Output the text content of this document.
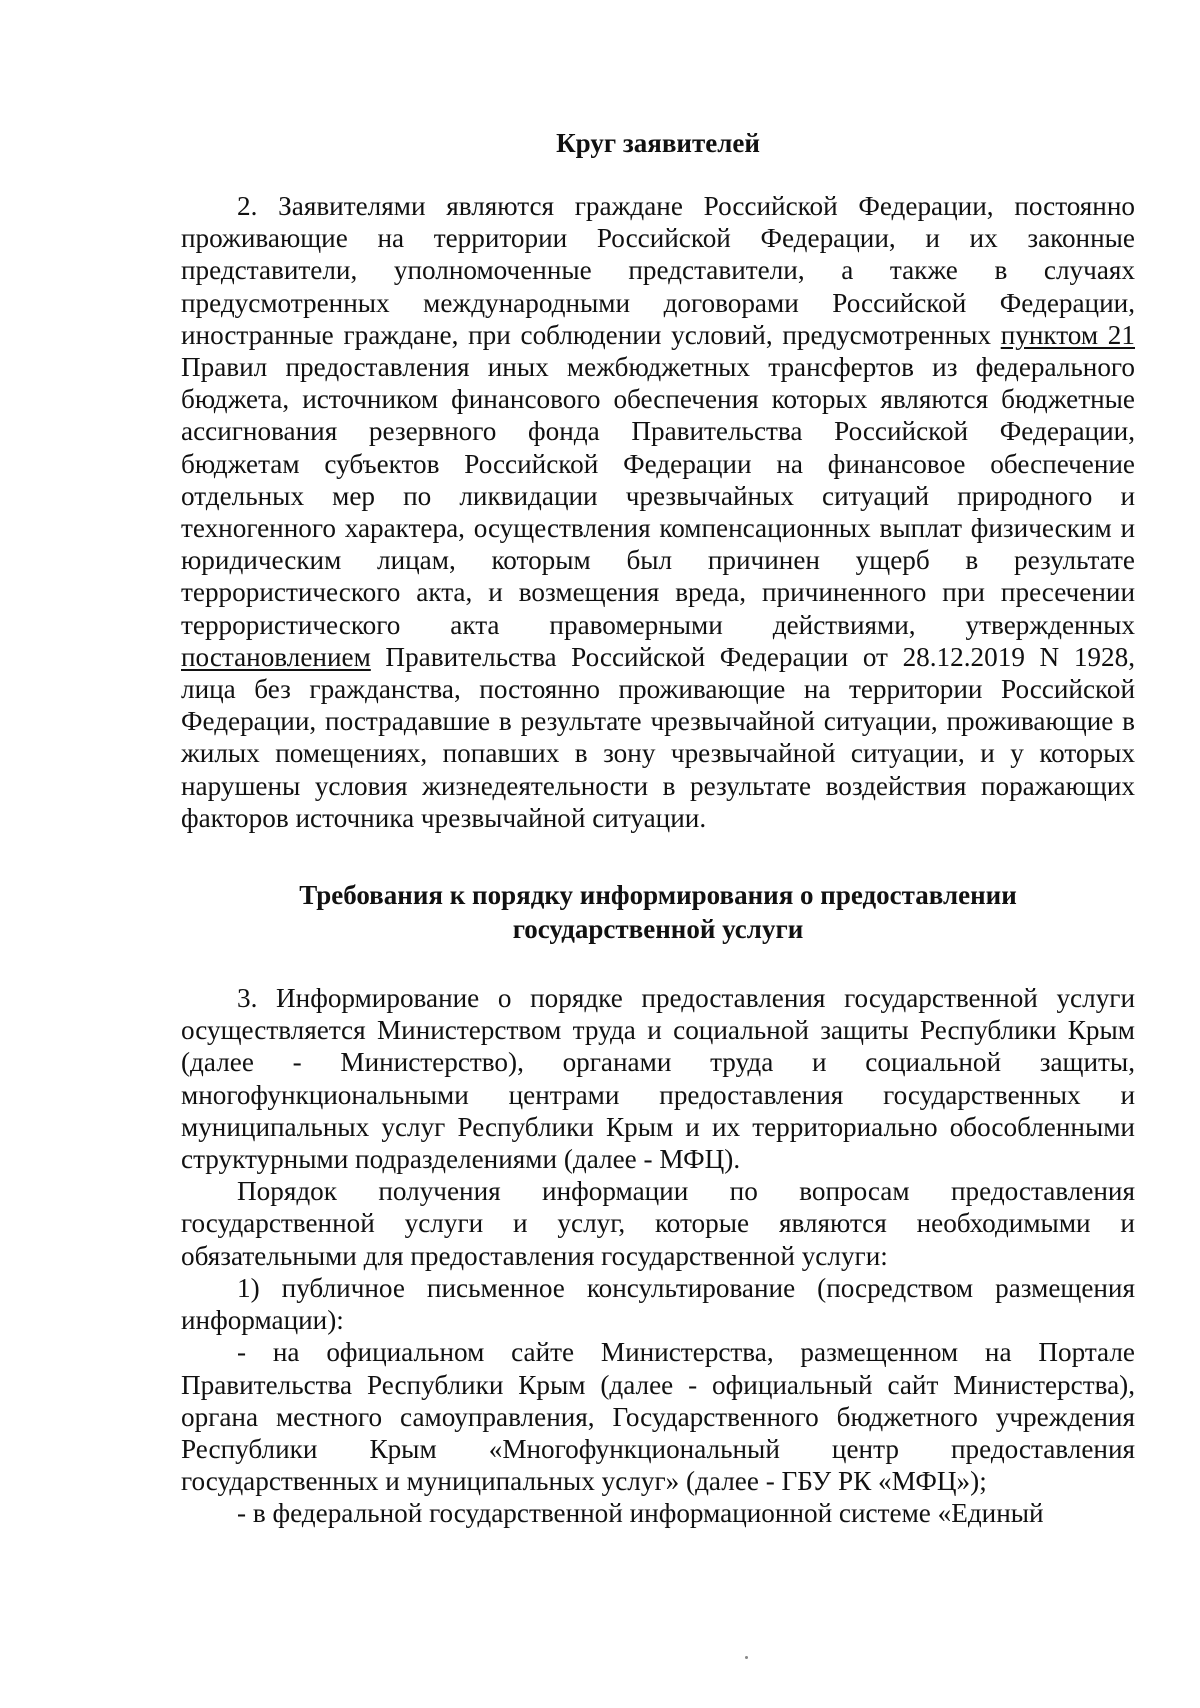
Круг заявителей

2. Заявителями являются граждане Российской Федерации, постоянно проживающие на территории Российской Федерации, и их законные представители, уполномоченные представители, а также в случаях предусмотренных международными договорами Российской Федерации, иностранные граждане, при соблюдении условий, предусмотренных пунктом 21 Правил предоставления иных межбюджетных трансфертов из федерального бюджета, источником финансового обеспечения которых являются бюджетные ассигнования резервного фонда Правительства Российской Федерации, бюджетам субъектов Российской Федерации на финансовое обеспечение отдельных мер по ликвидации чрезвычайных ситуаций природного и техногенного характера, осуществления компенсационных выплат физическим и юридическим лицам, которым был причинен ущерб в результате террористического акта, и возмещения вреда, причиненного при пресечении террористического акта правомерными действиями, утвержденных постановлением Правительства Российской Федерации от 28.12.2019 N 1928, лица без гражданства, постоянно проживающие на территории Российской Федерации, пострадавшие в результате чрезвычайной ситуации, проживающие в жилых помещениях, попавших в зону чрезвычайной ситуации, и у которых нарушены условия жизнедеятельности в результате воздействия поражающих факторов источника чрезвычайной ситуации.

Требования к порядку информирования о предоставлении
государственной услуги

3. Информирование о порядке предоставления государственной услуги осуществляется Министерством труда и социальной защиты Республики Крым (далее - Министерство), органами труда и социальной защиты, многофункциональными центрами предоставления государственных и муниципальных услуг Республики Крым и их территориально обособленными структурными подразделениями (далее - МФЦ).

Порядок получения информации по вопросам предоставления государственной услуги и услуг, которые являются необходимыми и обязательными для предоставления государственной услуги:

1) публичное письменное консультирование (посредством размещения информации):

- на официальном сайте Министерства, размещенном на Портале Правительства Республики Крым (далее - официальный сайт Министерства), органа местного самоуправления, Государственного бюджетного учреждения Республики Крым «Многофункциональный центр предоставления государственных и муниципальных услуг» (далее - ГБУ РК «МФЦ»);

- в федеральной государственной информационной системе «Единый
